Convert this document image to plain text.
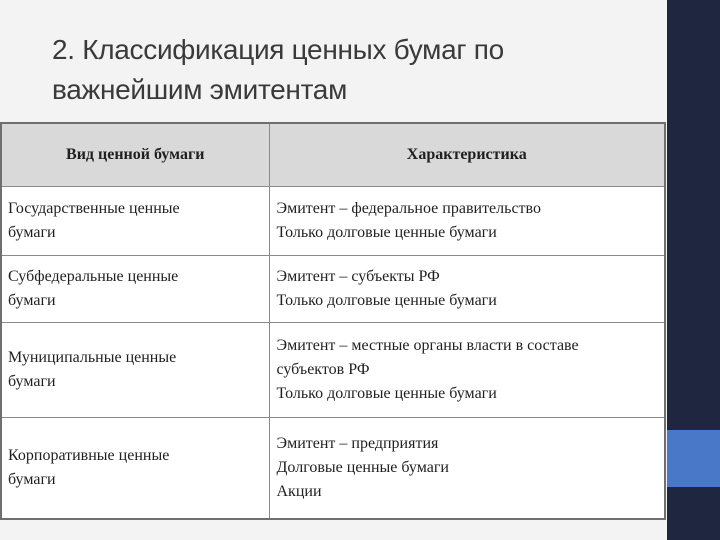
2. Классификация ценных бумаг по
важнейшим эмитентам
Вид ценной бумаги	Характеристика

Государственные ценные
бумаги	Эмитент – федеральное правительство
Только долговые ценные бумаги

Субфедеральные ценные
бумаги	Эмитент – субъекты РФ
Только долговые ценные бумаги

Муниципальные ценные
бумаги	Эмитент – местные органы власти в составе
субъектов РФ
Только долговые ценные бумаги

Корпоративные ценные
бумаги	Эмитент – предприятия
Долговые ценные бумаги
Акции
